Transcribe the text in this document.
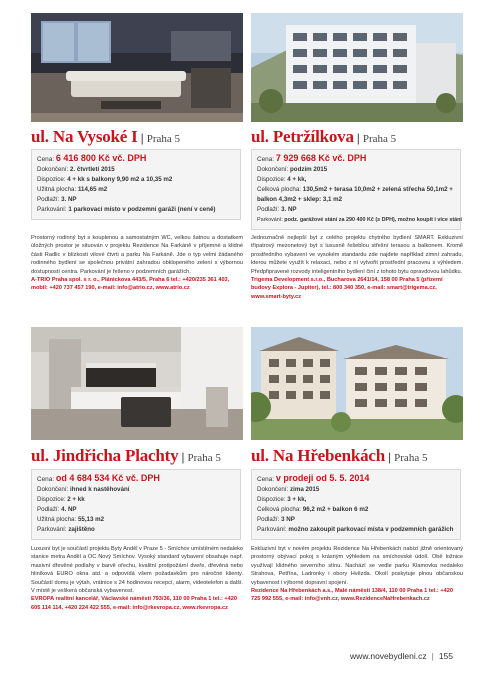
ul. Na Vysoké I | Praha 5
Cena: 6 416 800 Kč vč. DPH
Dokončení: 2. čtvrtletí 2015
Dispozice: 4 + kk s balkony 9,90 m2 a 10,35 m2
Užitná plocha: 114,65 m2
Podlaží: 3. NP
Parkování: 1 parkovací místo v podzemní garáži (není v ceně)
Prostorný rodinný byt s kouplenou a samostatným WC, velkou šatnou a dostatkem úložných prostor je situován v projektu Rezidence Na Farkáně v příjemné a klidné části Radlic v blízkosti vilové čtvrti a parku Na Farkáně. Jde o typ velmi žádaného rodinného bydlení se společnou privátní zahradou obklopeného zelení s výbornou dostupností centra. Parkování je řešeno v podzemních garážích.
A-TRIO Praha spol. s r. o., Plánickova 443/5, Praha 6 tel.: +420/235 361 403, mobil: +420 737 457 190, e-mail: info@atrio.cz, www.atrio.cz
ul. Petržílkova | Praha 5
Cena: 7 929 668 Kč vč. DPH
Dokončení: podzim 2015
Dispozice: 4 + kk,
Celková plocha: 130,5m2 + terasa 10,0m2 + zelená střecha 50,1m2 +
balkon 4,3m2 + sklep: 3,1 m2
Podlaží: 3. NP
Parkování: podz. garážové stání za 290 400 Kč (s DPH), možno koupit i více stání
Jednoznačně nejlepší byt z celého projektu chytrého bydlení SMART. Exkluzivní třípatrový mezonetový byt s luxusně řešeblou střešní terasou a balkonem. Kromě prostředního vybavení ve vysokém standardu zde najdete například zimní zahradu, kterou můžete využít k relaxaci, nebo z ní vytvořit prostřední pracovnu s výhledem. Předpřipravené rozvody inteligentního bydlení činí z tohoto bytu opravdovou lahůdku.
Trigema Development s.r.o., Bucharova 2641/14, 158 00 Praha 5 (přízemí budovy Explora - Jupiter), tel.: 800 340 350, e-mail: smart@trigema.cz, www.smart-byty.cz
ul. Jindřicha Plachty | Praha 5
Cena: od 4 684 534 Kč vč. DPH
Dokončení: ihned k nastěhování
Dispozice: 2 + kk
Podlaží: 4. NP
Užitná plocha: 55,13 m2
Parkování: zajištěno
Luxusní byt je součástí projektu Byty Anděl v Praze 5 - Smíchov umístěném nedaleko stanice metra Anděl a OC Nový Smíchov. Vysoký standard vybavení obsahuje např. masivní dřevěné podlahy v barvě ořechu, kvalitní protipožární dveře, dřevěná nebo hliníková EURO okna atd. a odpovídá všem požadavkům pro náročné klienty. Součástí domu je výtah, vrátnice s 24 hodinovou recepcí, alarm, videotelefon a další. V místě je veškerá občanská vybavenost.
EVROPA realitní kancelář, Václavské náměstí 793/36, 110 00 Praha 1 tel.: +420 605 114 114, +420 224 422 555, e-mail: info@rkevropa.cz, www.rkevropa.cz
ul. Na Hřebenkách | Praha 5
Cena: v prodeji od 5. 5. 2014
Dokončení: zima 2015
Dispozice: 3 + kk,
Celková plocha: 96,2 m2 + balkon 6 m2
Podlaží: 3 NP
Parkování: možno zakoupit parkovací místa v podzemních garážích
Exkluzivní byt v novém projektu Rezidence Na Hřebenkách nabízí jižně orientovaný prostorný obývací pokoj s krásným výhledem na smíchovské údolí. Obě ložnice využívají klidného severního stínu. Nachází se vedle parku Klamovka nedaleko Strahova, Petřína, Ladronky i obory Hvězda. Okolí poskytuje plnou občanskou vybavenost i výborné dopravní spojení.
Rezidence Na Hřebenkách a.s., Malé náměstí 138/4, 110 00 Praha 1 tel.: +420 725 992 555, e-mail: info@vnh.cz, www.RezidenceNaHrebenkach.cz
www.novebydleni.cz | 155
